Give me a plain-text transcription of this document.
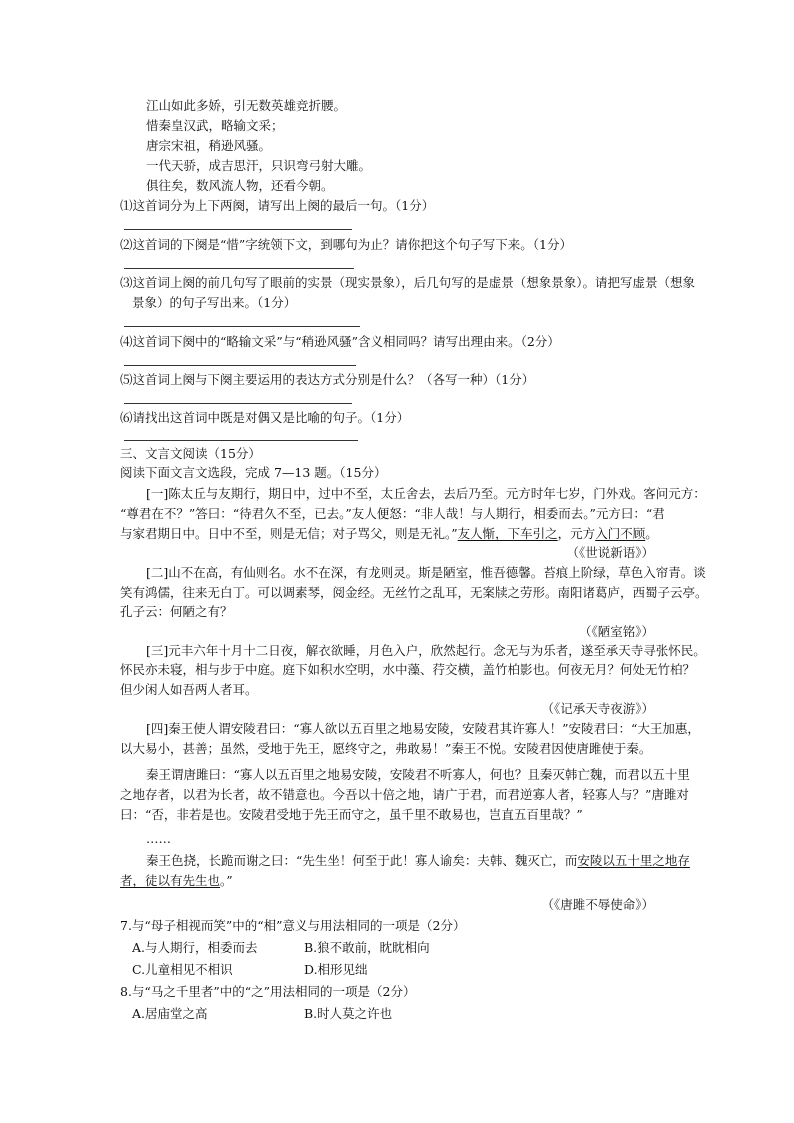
江山如此多娇，引无数英雄竞折腰。
惜秦皇汉武，略输文采；
唐宗宋祖，稍逊风骚。
一代天骄，成吉思汗，只识弯弓射大雕。
俱往矣，数风流人物，还看今朝。
⑴这首词分为上下两阕，请写出上阕的最后一句。（1分）
⑵这首词的下阕是“惜”字统领下文，到哪句为止？请你把这个句子写下来。（1分）
⑶这首词上阕的前几句写了眼前的实景（现实景象），后几句写的是虚景（想象景象）。请把写虚景（想象
景象）的句子写出来。（1分）
⑷这首词下阕中的“略输文采”与“稍逊风骚”含义相同吗？请写出理由来。（2分）
⑸这首词上阕与下阕主要运用的表达方式分别是什么？（各写一种）（1分）
⑹请找出这首词中既是对偶又是比喻的句子。（1分）
三、文言文阅读（15分）
阅读下面文言文选段，完成 7—13 题。（15分）
[一]陈太丘与友期行，期日中，过中不至，太丘舍去，去后乃至。元方时年七岁，门外戏。客问元方：
“尊君在不？”答曰：“待君久不至，已去。”友人便怒：“非人哉！与人期行，相委而去。”元方曰：“君
与家君期日中。日中不至，则是无信；对子骂父，则是无礼。”友人惭，下车引之，元方入门不顾。
（《世说新语》）
[二]山不在高，有仙则名。水不在深，有龙则灵。斯是陋室，惟吾德馨。苔痕上阶绿，草色入帘青。谈
笑有鸿儒，往来无白丁。可以调素琴，阅金经。无丝竹之乱耳，无案牍之劳形。南阳诸葛庐，西蜀子云亭。
孔子云：何陋之有？
（《陋室铭》）
[三]元丰六年十月十二日夜，解衣欲睡，月色入户，欣然起行。念无与为乐者，遂至承天寺寻张怀民。
怀民亦未寝，相与步于中庭。庭下如积水空明，水中藻、荇交横，盖竹柏影也。何夜无月？何处无竹柏？
但少闲人如吾两人者耳。
（《记承天寺夜游》）
[四]秦王使人谓安陵君曰：“寡人欲以五百里之地易安陵，安陵君其许寡人！”安陵君曰：“大王加惠，
以大易小，甚善；虽然，受地于先王，愿终守之，弗敢易！”秦王不悦。安陵君因使唐雎使于秦。
秦王谓唐雎曰：“寡人以五百里之地易安陵，安陵君不听寡人，何也？且秦灭韩亡魏，而君以五十里
之地存者，以君为长者，故不错意也。今吾以十倍之地，请广于君，而君逆寡人者，轻寡人与？”唐雎对
曰：“否，非若是也。安陵君受地于先王而守之，虽千里不敢易也，岂直五百里哉？”
……
秦王色挠，长跪而谢之曰：“先生坐！何至于此！寡人谕矣：夫韩、魏灭亡，而安陵以五十里之地存
者，徒以有先生也。”
（《唐雎不辱使命》）
7.与“母子相视而笑”中的“相”意义与用法相同的一项是（2分）
A.与人期行，相委而去	B.狼不敢前，眈眈相向
C.儿童相见不相识	D.相形见绌
8.与“马之千里者”中的“之”用法相同的一项是（2分）
A.居庙堂之高	B.时人莫之许也
